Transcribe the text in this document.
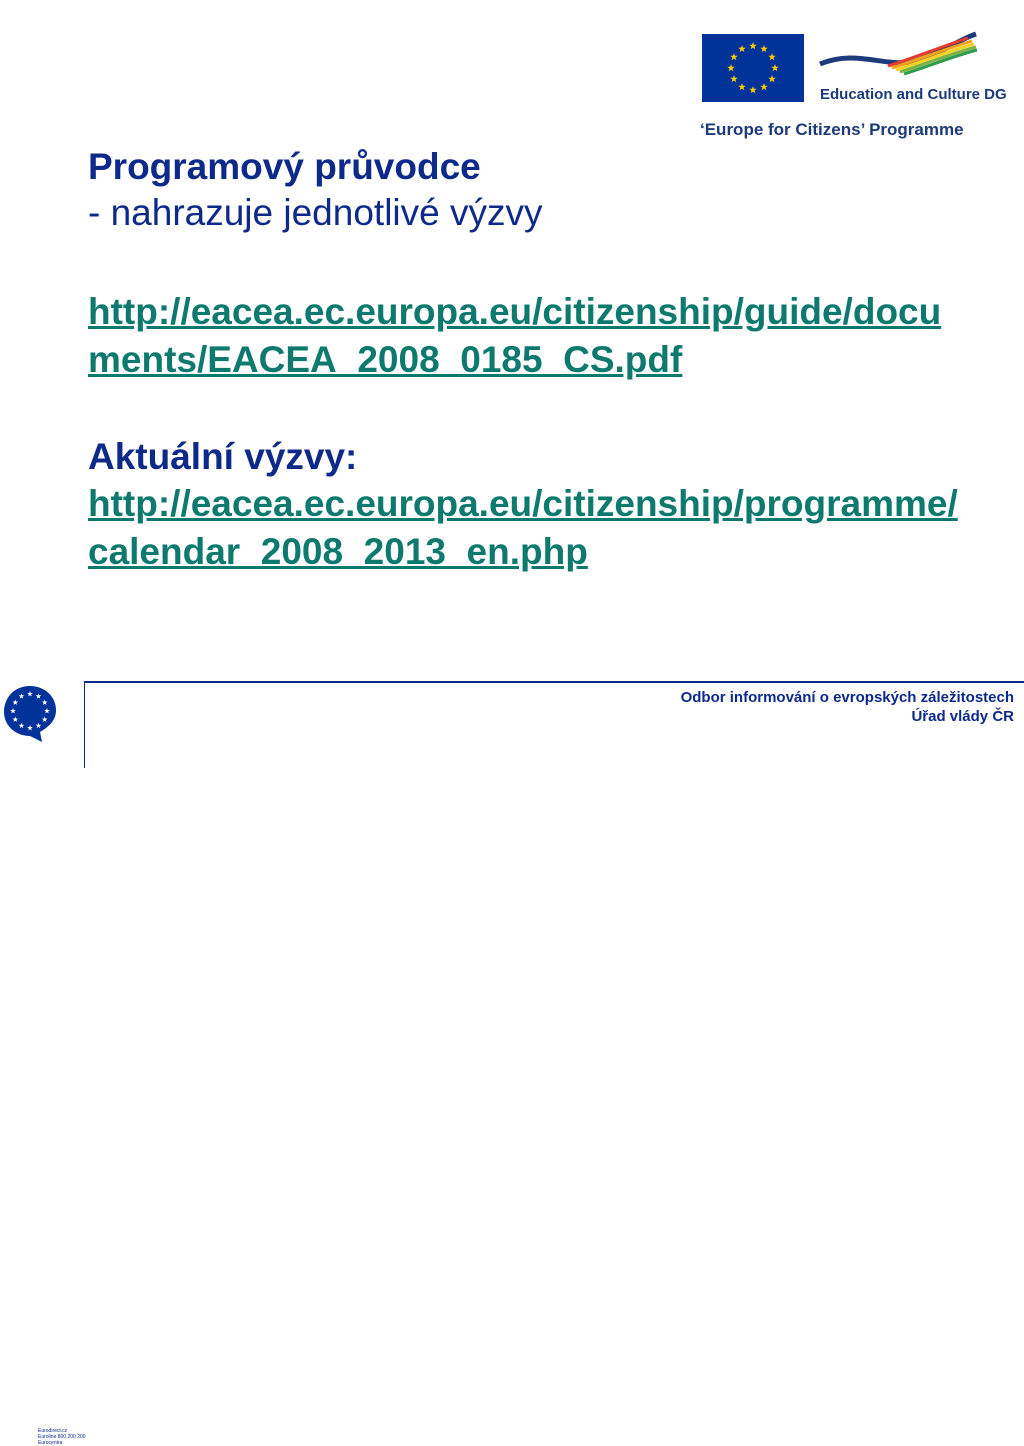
Education and Culture DG
‘Europe for Citizens’ Programme

Programový průvodce

- nahrazuje jednotlivé výzvy

http://eacea.ec.europa.eu/citizenship/guide/documents/EACEA_2008_0185_CS.pdf
Aktuální výzvy:
http://eacea.ec.europa.eu/citizenship/programme/calendar_2008_2013_en.php
Eurodirect.cz
Euroline 800 200 200
Eurocentra
Odbor informování o evropských záležitostech
Úřad vlády ČR
